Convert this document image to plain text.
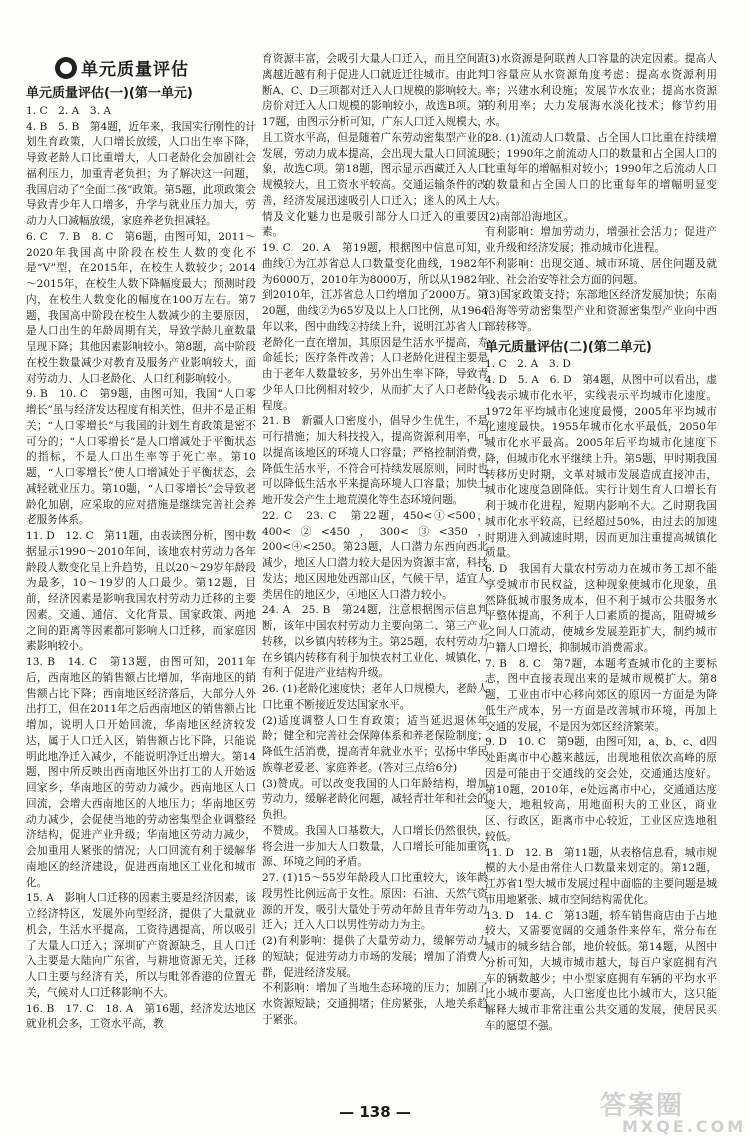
单元质量评估
单元质量评估(一)(第一单元)

1. C　2. A　3. A

4. B　5. B　第4题，近年来，我国实行刚性的计划生育政策，人口增长放缓，人口出生率下降，导致老龄人口比重增大，人口老龄化会加剧社会福利压力，加重青老负担；为了解决这一问题，我国启动了“全面二孩”政策。第5题，此项政策会导致青少年人口增多，升学与就业压力加大，劳动力人口减幅放缓，家庭养老负担减轻。

6. C　7. B　8. C　第6题，由图可知，2011～2020年我国高中阶段在校生人数的变化不是“V”型，在2015年，在校生人数较少；2014～2015年，在校生人数下降幅度最大；预测时段内，在校生人数变化的幅度在100万左右。第7题，我国高中阶段在校生人数减少的主要原因，是人口出生的年龄周期有关，导致学龄儿童数量呈现下降；其他因素影响较小。第8题，高中阶段在校生数量减少对教育及服务产业影响较大，面对劳动力、人口老龄化、人口红利影响较小。

9. B　10. C　第9题，由图可知，我国“人口零增长”虽与经济发达程度有相关性，但并不是正相关；“人口零增长”与我国的计划生育政策是密不可分的；“人口零增长”是人口增减处于平衡状态的指标，不是人口出生率等于死亡率。第10题，“人口零增长”使人口增减处于平衡状态，会减轻就业压力。第10题，“人口零增长”会导致老龄化加剧，应采取的应对措施是继续完善社会养老服务体系。

11. D　12. C　第11题，由表读图分析，图中数据显示1990～2010年间，该地农村劳动力各年龄段人数变化呈上升趋势，且以20～29岁年龄段为最多，10～19岁的人口最少。第12题，目前，经济因素是影响我国农村劳动力迁移的主要因素。交通、通信、文化背景、国家政策、两地之间的距离等因素都可影响人口迁移，而家庭因素影响较小。

13. B　14. C　第13题，由图可知，2011年后，西南地区的销售额占比增加，华南地区的销售额占比下降；西南地区经济落后，大部分人外出打工，但在2011年之后西南地区的销售额占比增加，说明人口开始回流，华南地区经济较发达，属于人口迁入区，销售额占比下降，只能说明此地净迁入减少，不能说明净迁出增大。第14题，图中所反映出西南地区外出打工的人开始返回家乡，华南地区的劳动力减少。西南地区人口回流，会增大西南地区的人地压力；华南地区劳动力减少，会促使当地的劳动密集型企业调整经济结构，促进产业升级；华南地区劳动力减少，会加重用人紧张的情况；人口回流有利于缓解华南地区的经济建设，促进西南地区工业化和城市化。

15. A　影响人口迁移的因素主要是经济因素，该立经济特区，发展外向型经济，提供了大量就业机会，生活水平提高，工资待遇提高，所以吸引了大量人口迁入；深圳矿产资源缺乏，且人口迁入主要是大陆向广东省，与耕地资源无关，迁移人口主要与经济有关，所以与毗邻香港的位置无关，气候对人口迁移影响不大。

16. B　17. C　18. A　第16题，经济发达地区就业机会多，工资水平高，教

育资源丰富，会吸引大量人口迁入，而且空间距离越近越有利于促进人口就近迁往城市。由此判断A、C、D三项都对迁入人口规模的影响较大。房价对迁入人口规模的影响较小，故选B项。第17题，由图示分析可知，广东人口迁入规模大，且工资水平高，但是随着广东劳动密集型产业的发展，劳动力成本提高，会出现大量人口回流现象，故选C项。第18题，图示显示西藏迁入人口规模较大，且工资水平较高。交通运输条件的改善，经济发展迅速吸引人口迁入；迷人的风土人情及文化魅力也是吸引部分人口迁入的重要因素。

19. C　20. A　第19题，根据图中信息可知，曲线①为江苏省总人口数量变化曲线，1982年为6000万，2010年为8000万，所以从1982年到2010年，江苏省总人口约增加了2000万。第20题，曲线②为65岁及以上人口比例，从1964年以来，图中曲线②持续上升，说明江苏省人口老龄化一直在增加，其原因是生活水平提高，寿命延长；医疗条件改善；人口老龄化进程主要是由于老年人数量较多，另外出生率下降，导致青少年人口比例相对较少，从而扩大了人口老龄化程度。

21. B　新疆人口密度小，倡导少生优生，不是可行措施；加大科技投入，提高资源利用率，可以提高该地区的环境人口容量；严格控制消费，降低生活水平，不符合可持续发展原则，同时也可以降低生活水平来提高环境人口容量；加快土地开发会产生土地荒漠化等生态环境问题。

22. C　23. C　第22题，450<①<500，400<②<450，300<③<350，200<④<250。第23题，人口潜力东西向西北减少，地区人口潜力较大是因为资源丰富，科技发达；地区因地处西部山区，气候干旱，适宜人类居住的地区少，④地区人口潜力较小。

24. A　25. B　第24题，注意根据图示信息判断，该年中国农村劳动力主要向第二、第三产业转移，以乡镇内转移为主。第25题，农村劳动力在乡镇内转移有利于加快农村工业化、城镇化，有利于促进产业结构升级。

26. (1)老龄化速度快；老年人口规模大，老龄人口比重不断接近发达国家水平。

(2)适度调整人口生育政策；适当延迟退休年龄；健全和完善社会保障体系和养老保险制度；降低生活消费，提高青年就业水平；弘扬中华民族尊老爱老、家庭养老。(答对三点给6分)

(3)赞成。可以改变我国的人口年龄结构，增加劳动力，缓解老龄化问题，减轻青壮年和社会的负担。

不赞成。我国人口基数大，人口增长仍然很快，将会进一步加大人口数量，人口增长可能加重资源、环境之间的矛盾。

27. (1)15～55岁年龄段人口比重较大，该年龄段男性比例远高于女性。原因：石油、天然气资源的开发，吸引大量处于劳动年龄且青年劳动力迁入；迁入人口以男性劳动力为主。

(2)有利影响：提供了大量劳动力，缓解劳动力的短缺；促进劳动力市场的发展；增加了消费人群，促进经济发展。

不利影响：增加了当地生态环境的压力；加剧了水资源短缺；交通拥堵；住房紧张，人地关系趋于紧张。

(3)水资源是阿联酋人口容量的决定因素。提高人口容量应从水资源角度考虑：提高水资源利用率；兴建水利设施；发展节水农业；提高水资源的利用率；大力发展海水淡化技术；修节约用水。

28. (1)流动人口数量、占全国人口比重在持续增长；1990年之前流动人口的数量和占全国人口的比重每年的增幅相对较小；1990年之后流动人口的数量和占全国人口的比重每年的增幅明显变大。

(2)南部沿海地区。

有利影响：增加劳动力，增强社会活力；促进产业升级和经济发展；推动城市化进程。

不利影响：出现交通、城市环境、居住问题及就业、社会治安等社会方面的问题。

(3)国家政策支持；东部地区经济发展加快；东南沿海等劳动密集型产业和资源密集型产业向中西部转移等。

单元质量评估(二)(第二单元)

1. C　2. A　3. D

4. D　5. A　6. D　第4题，从图中可以看出，虚线表示城市化水平，实线表示平均城市化速度。1972年平均城市化速度最慢，2005年平均城市化速度最快。1955年城市化水平最低，2050年城市化水平最高。2005年后平均城市化速度下降，但城市化水平继续上升。第5题，甲时期我国转移历史时期，文革对城市发展造成直接冲击，城市化速度急剧降低。实行计划生育人口增长有利于城市化进程，短期内影响不大。乙时期我国城市化水平较高，已经超过50%，由过去的加速时期进入到减速时期，因而更加注重提高城镇化质量。

6. D　我国有大量农村劳动力在城市务工却不能享受城市市民权益，这种现象使城市化现象，虽然降低城市服务成本，但不利于城市公共服务水平整体提高，不利于人口素质的提高，阻碍城乡之间人口流动，使城乡发展差距扩大，制约城市户籍人口增长，抑制城市消费需求。

7. B　8. C　第7题，本题考查城市化的主要标志，图中直接表现出来的是城市规模扩大。第8题，工业由市中心移向郊区的原因一方面是为降低生产成本，另一方面是改善城市环境，再加上交通的发展，不是因为郊区经济繁荣。

9. D　10. C　第9题，由图可知，a、b、c、d四处距离市中心越来越远，出现地租依次高峰的原因是可能由于交通线的交会处，交通通达度好。第10题，2010年，e处远离市中心，交通通达度变大，地租较高，用地面积大的工业区，商业区、行政区，距离市中心较近，工业区应选地租较低。

11. D　12. B　第11题，从表格信息看，城市规模的大小是由常住人口数量来划定的。第12题，江苏省1型大城市发展过程中面临的主要问题是城市用地紧张、城市空间结构需优化。

13. D　14. C　第13题，轿车销售商店由于占地较大，又需要宽阔的交通条件来停车，常分布在城市的城乡结合部，地价较低。第14题，从图中分析可知，大城市城市越大，每百户家庭拥有汽车的辆数越少；中小型家庭拥有车辆的平均水平比小城市要高，人口密度也比小城市大，这只能解释大城市非常注重公共交通的发展，使居民买车的愿望不强。

— 138 —	答案圈
MXQE.COM
